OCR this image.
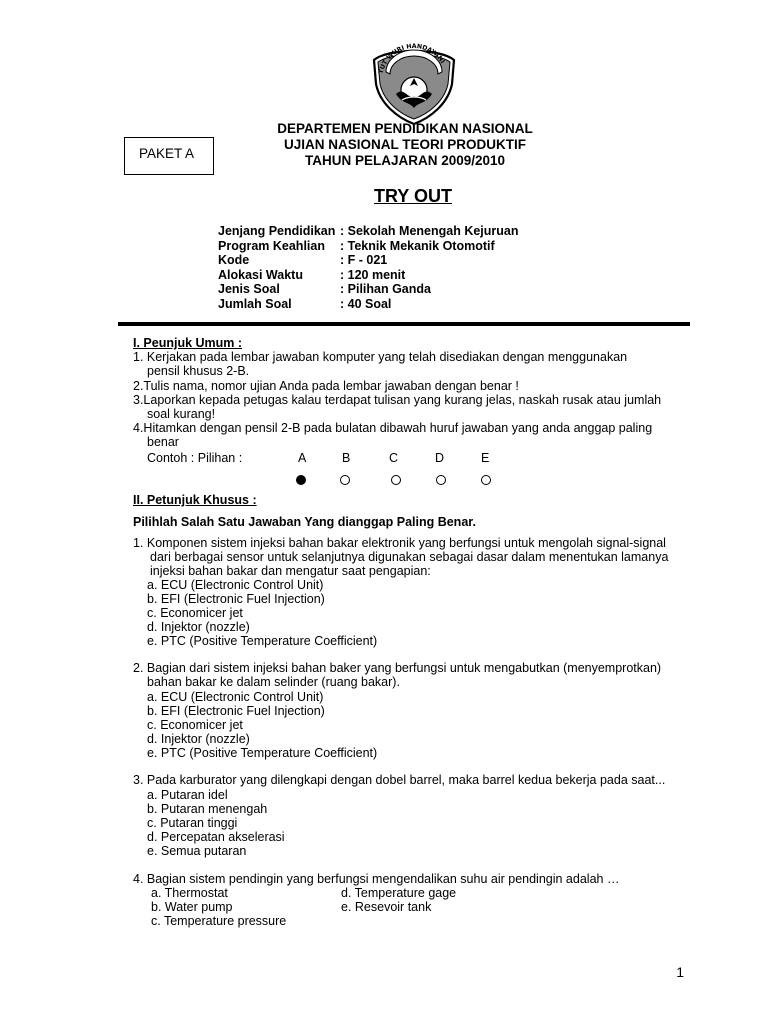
TUT WURI HANDAYANI
PAKET A
DEPARTEMEN PENDIDIKAN NASIONAL
UJIAN NASIONAL TEORI PRODUKTIF
TAHUN PELAJARAN 2009/2010
TRY OUT
Jenjang Pendidikan : Sekolah Menengah Kejuruan
Program Keahlian	: Teknik Mekanik Otomotif
Kode	: F - 021
Alokasi Waktu	: 120 menit
Jenis Soal	: Pilihan Ganda
Jumlah Soal	: 40 Soal
I. Peunjuk Umum :
1. Kerjakan pada lembar jawaban komputer yang telah disediakan dengan menggunakan
pensil khusus 2-B.
2.Tulis nama, nomor ujian Anda pada lembar jawaban dengan benar !
3.Laporkan kepada petugas kalau terdapat tulisan yang kurang jelas, naskah rusak atau jumlah
soal kurang!
4.Hitamkan dengan pensil 2-B pada bulatan dibawah huruf jawaban yang anda anggap paling
benar
Contoh : Pilihan :	A	B	C	D	E
II. Petunjuk Khusus :
Pilihlah Salah Satu Jawaban Yang dianggap Paling Benar.
1. Komponen sistem injeksi bahan bakar elektronik yang berfungsi untuk mengolah signal-signal
dari berbagai sensor untuk selanjutnya digunakan sebagai dasar dalam menentukan lamanya
injeksi bahan bakar dan mengatur saat pengapian:
a. ECU (Electronic Control Unit)
b. EFI (Electronic Fuel Injection)
c. Economicer jet
d. Injektor (nozzle)
e. PTC (Positive Temperature Coefficient)
2. Bagian dari sistem injeksi bahan baker yang berfungsi untuk mengabutkan (menyemprotkan)
bahan bakar ke dalam selinder (ruang bakar).
a. ECU (Electronic Control Unit)
b. EFI (Electronic Fuel Injection)
c. Economicer jet
d. Injektor (nozzle)
e. PTC (Positive Temperature Coefficient)
3. Pada karburator yang dilengkapi dengan dobel barrel, maka barrel kedua bekerja pada saat...
a. Putaran idel
b. Putaran menengah
c. Putaran tinggi
d. Percepatan akselerasi
e. Semua putaran
4. Bagian sistem pendingin yang berfungsi mengendalikan suhu air pendingin adalah …
a. Thermostat
b. Water pump
c. Temperature pressure
d. Temperature gage
e. Resevoir tank
1
